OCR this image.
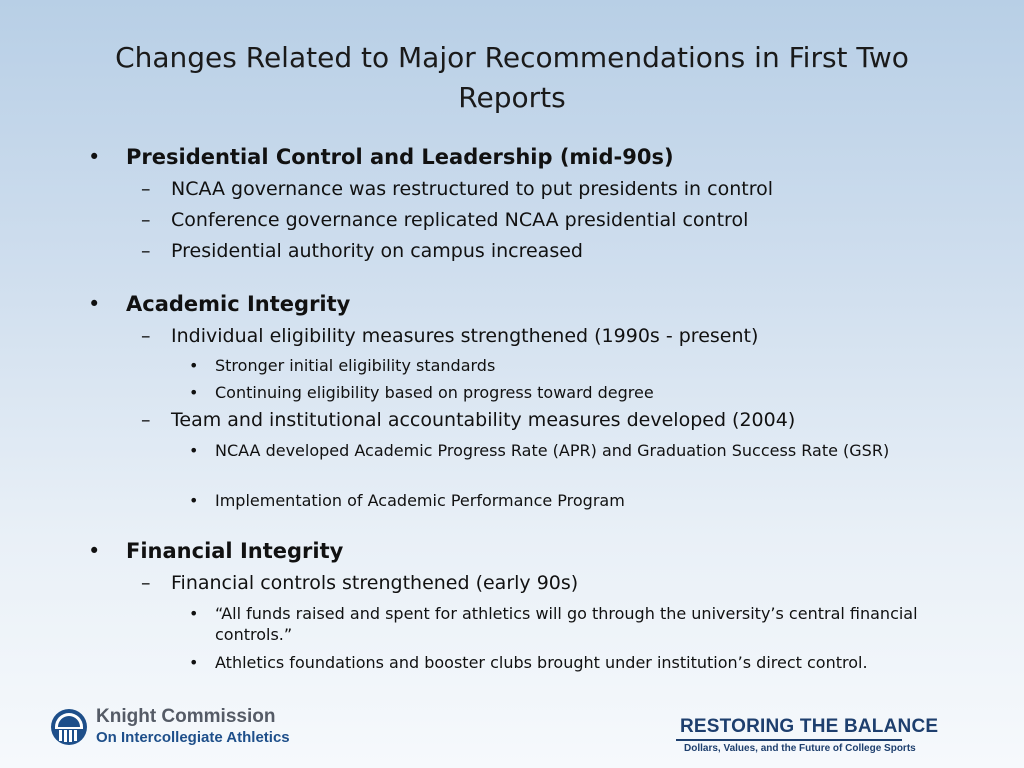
Changes Related to Major Recommendations in First Two Reports
• Presidential Control and Leadership (mid-90s)
– NCAA governance was restructured to put presidents in control
– Conference governance replicated NCAA presidential control
– Presidential authority on campus increased
• Academic Integrity
– Individual eligibility measures strengthened (1990s - present)
• Stronger initial eligibility standards
• Continuing eligibility based on progress toward degree
– Team and institutional accountability measures developed (2004)
• NCAA developed Academic Progress Rate (APR) and Graduation Success Rate (GSR)
• Implementation of Academic Performance Program
• Financial Integrity
– Financial controls strengthened (early 90s)
• “All funds raised and spent for athletics will go through the university’s central financial controls.”
• Athletics foundations and booster clubs brought under institution’s direct control.
Knight Commission
On Intercollegiate Athletics
RESTORING THE BALANCE
Dollars, Values, and the Future of College Sports
